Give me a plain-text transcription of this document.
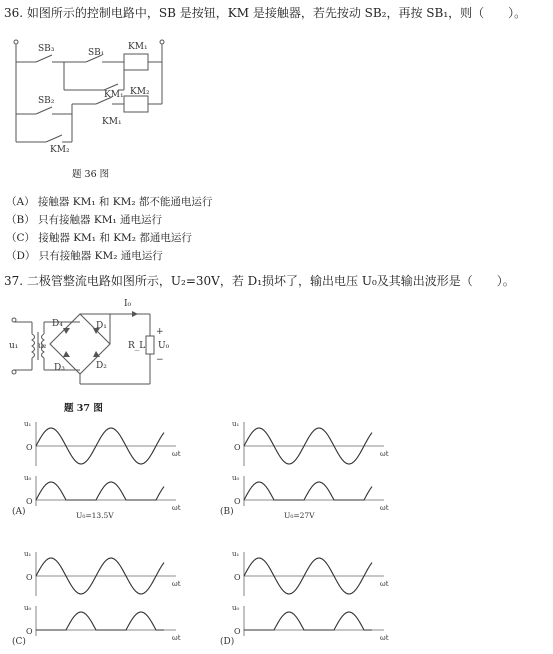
36. 如图所示的控制电路中，SB 是按钮，KM 是接触器，若先按动 SB₂，再按 SB₁，则（　　）。
SB₃	SB₁
KM₁
KM₁ KM₂
SB₂
KM₁
KM₂
题 36 图
（A） 接触器 KM₁ 和 KM₂ 都不能通电运行
（B） 只有接触器 KM₁ 通电运行
（C） 接触器 KM₁ 和 KM₂ 都通电运行
（D） 只有接触器 KM₂ 通电运行
37. 二极管整流电路如图所示，U₂=30V，若 D₁损坏了，输出电压 U₀及其输出波形是（　　）。
u₁ u₂
D₄	D₁
D₃	D₂
I₀
R_L U₀
+
−
题 37 图
u₁
O
ωt
u₀
O
ωt
(A)	U₀=13.5V
u₁
O
ωt
u₀
O
ωt
(B)	U₀=27V
u₁
O
ωt
u₀
O
ωt
(C)
u₁
O
ωt
u₀
O
ωt
(D)
